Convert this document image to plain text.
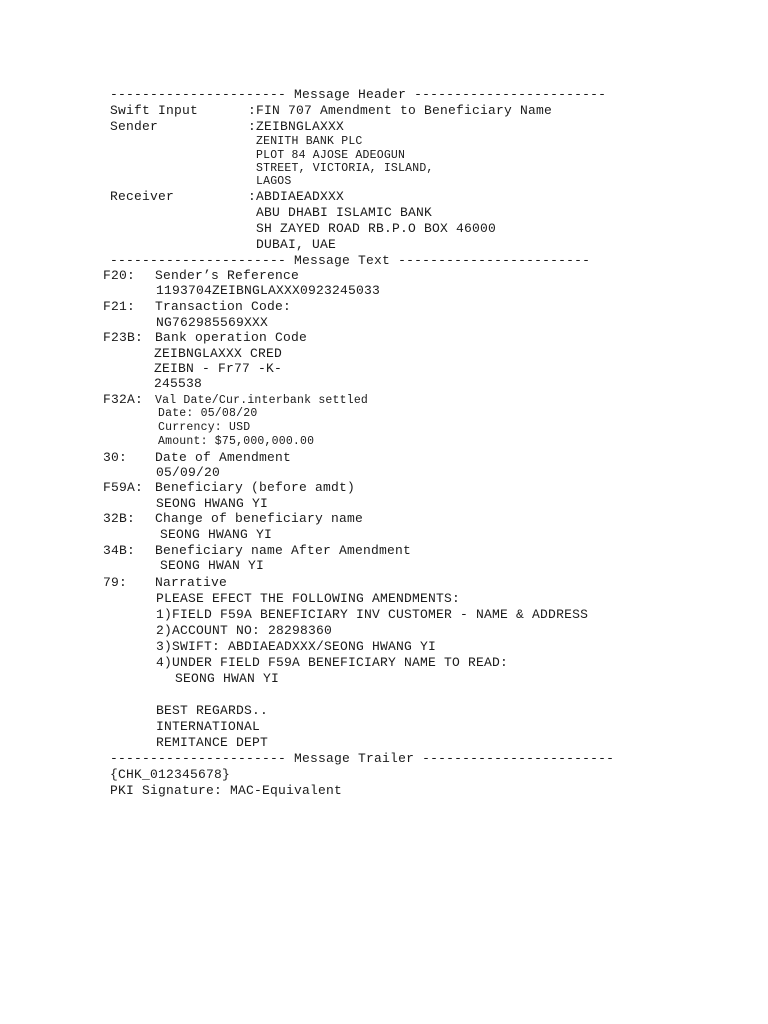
---------------------- Message Header ------------------------
Swift Input	:FIN 707 Amendment to Beneficiary Name
Sender	:ZEIBNGLAXXX
ZENITH BANK PLC
PLOT 84 AJOSE ADEOGUN
STREET, VICTORIA, ISLAND,
LAGOS
Receiver	:ABDIAEADXXX
ABU DHABI ISLAMIC BANK
SH ZAYED ROAD RB.P.O BOX 46000
DUBAI, UAE
---------------------- Message Text ------------------------
F20: Sender’s Reference
1193704ZEIBNGLAXXX0923245033
F21: Transaction Code:
NG762985569XXX
F23B: Bank operation Code
ZEIBNGLAXXX CRED
ZEIBN - Fr77 -K-
245538
F32A: Val Date/Cur.interbank settled
Date: 05/08/20
Currency: USD
Amount: $75,000,000.00
30: Date of Amendment
05/09/20
F59A: Beneficiary (before amdt)
SEONG HWANG YI
32B: Change of beneficiary name
SEONG HWANG YI
34B: Beneficiary name After Amendment
SEONG HWAN YI
79: Narrative
PLEASE EFECT THE FOLLOWING AMENDMENTS:
1)FIELD F59A BENEFICIARY INV CUSTOMER - NAME & ADDRESS
2)ACCOUNT NO: 28298360
3)SWIFT: ABDIAEADXXX/SEONG HWANG YI
4)UNDER FIELD F59A BENEFICIARY NAME TO READ:
SEONG HWAN YI
BEST REGARDS..
INTERNATIONAL
REMITANCE DEPT
---------------------- Message Trailer ------------------------
{CHK_012345678}
PKI Signature: MAC-Equivalent
